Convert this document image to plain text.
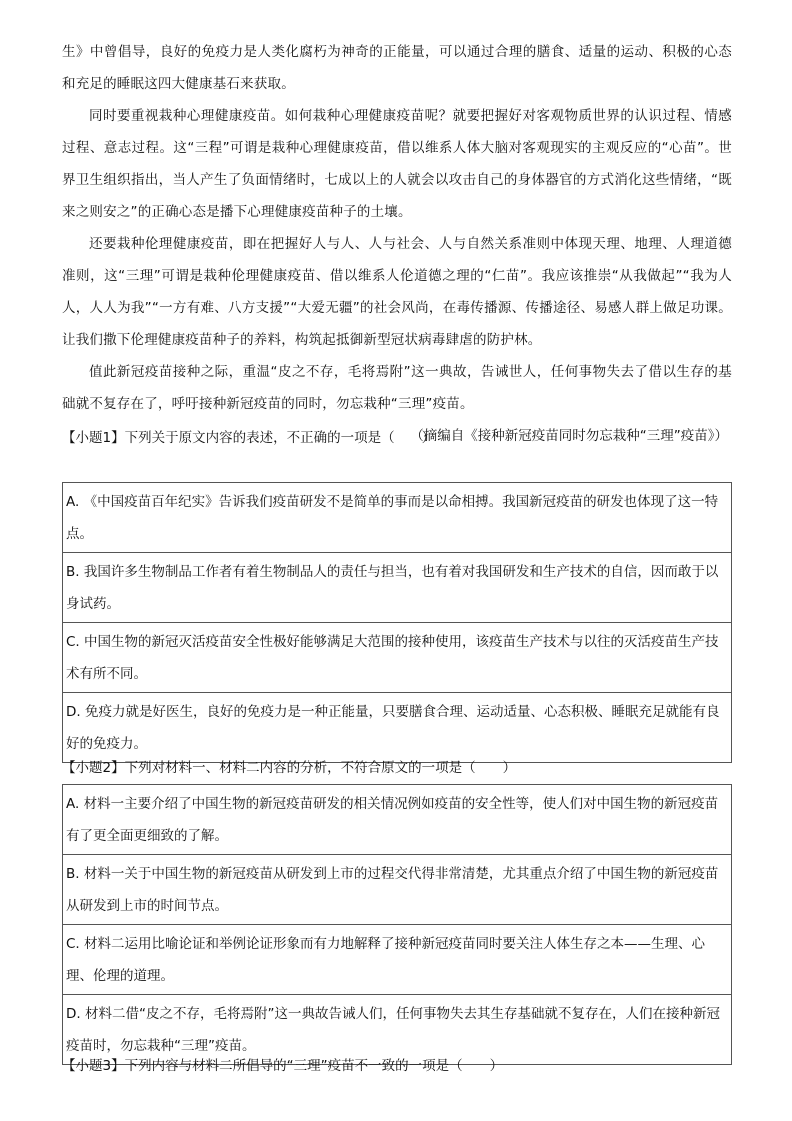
生》中曾倡导，良好的免疫力是人类化腐朽为神奇的正能量，可以通过合理的膳食、适量的运动、积极的心态和充足的睡眠这四大健康基石来获取。

同时要重视栽种心理健康疫苗。如何栽种心理健康疫苗呢？就要把握好对客观物质世界的认识过程、情感过程、意志过程。这“三程”可谓是栽种心理健康疫苗，借以维系人体大脑对客观现实的主观反应的“心苗”。世界卫生组织指出，当人产生了负面情绪时，七成以上的人就会以攻击自己的身体器官的方式消化这些情绪，“既来之则安之”的正确心态是播下心理健康疫苗种子的土壤。

还要栽种伦理健康疫苗，即在把握好人与人、人与社会、人与自然关系准则中体现天理、地理、人理道德准则，这“三理”可谓是栽种伦理健康疫苗、借以维系人伦道德之理的“仁苗”。我应该推崇“从我做起”“我为人人，人人为我”“一方有难、八方支援”“大爱无疆”的社会风尚，在毒传播源、传播途径、易感人群上做足功课。让我们撒下伦理健康疫苗种子的养料，构筑起抵御新型冠状病毒肆虐的防护林。

值此新冠疫苗接种之际，重温“皮之不存，毛将焉附”这一典故，告诫世人，任何事物失去了借以生存的基础就不复存在了，呼吁接种新冠疫苗的同时，勿忘栽种“三理”疫苗。

（摘编自《接种新冠疫苗同时勿忘栽种“三理”疫苗》）
【小题1】下列关于原文内容的表述，不正确的一项是（　　）
A. 《中国疫苗百年纪实》告诉我们疫苗研发不是简单的事而是以命相搏。我国新冠疫苗的研发也体现了这一特点。
B. 我国许多生物制品工作者有着生物制品人的责任与担当，也有着对我国研发和生产技术的自信，因而敢于以身试药。
C. 中国生物的新冠灭活疫苗安全性极好能够满足大范围的接种使用，该疫苗生产技术与以往的灭活疫苗生产技术有所不同。
D. 免疫力就是好医生，良好的免疫力是一种正能量，只要膳食合理、运动适量、心态积极、睡眠充足就能有良好的免疫力。
【小题2】下列对材料一、材料二内容的分析，不符合原文的一项是（　　）
A. 材料一主要介绍了中国生物的新冠疫苗研发的相关情况例如疫苗的安全性等，使人们对中国生物的新冠疫苗有了更全面更细致的了解。
B. 材料一关于中国生物的新冠疫苗从研发到上市的过程交代得非常清楚，尤其重点介绍了中国生物的新冠疫苗从研发到上市的时间节点。
C. 材料二运用比喻论证和举例论证形象而有力地解释了接种新冠疫苗同时要关注人体生存之本——生理、心理、伦理的道理。
D. 材料二借“皮之不存，毛将焉附”这一典故告诫人们，任何事物失去其生存基础就不复存在，人们在接种新冠疫苗时，勿忘栽种“三理”疫苗。
【小题3】下列内容与材料二所倡导的“三理”疫苗不一致的一项是（　　）
